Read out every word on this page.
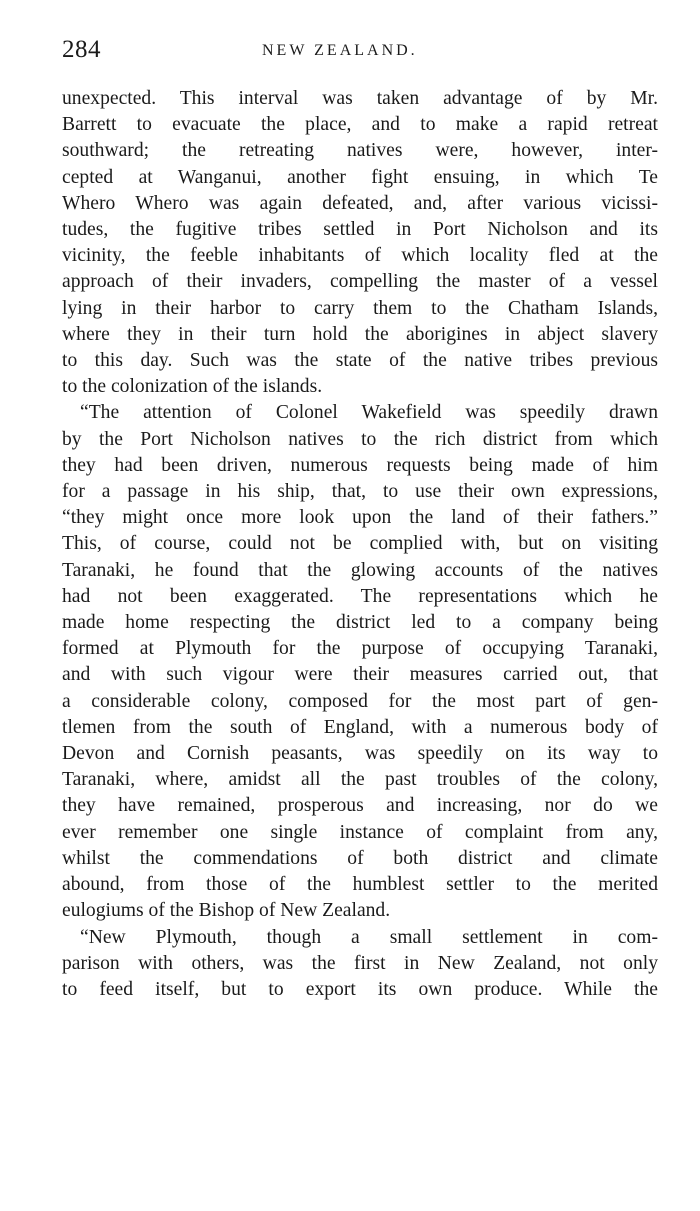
284	NEW ZEALAND.
unexpected. This interval was taken advantage of by Mr.
Barrett to evacuate the place, and to make a rapid retreat
southward; the retreating natives were, however, inter-
cepted at Wanganui, another fight ensuing, in which Te
Whero Whero was again defeated, and, after various vicissi-
tudes, the fugitive tribes settled in Port Nicholson and its
vicinity, the feeble inhabitants of which locality fled at the
approach of their invaders, compelling the master of a vessel
lying in their harbor to carry them to the Chatham Islands,
where they in their turn hold the aborigines in abject slavery
to this day. Such was the state of the native tribes previous
to the colonization of the islands.
“The attention of Colonel Wakefield was speedily drawn
by the Port Nicholson natives to the rich district from which
they had been driven, numerous requests being made of him
for a passage in his ship, that, to use their own expressions,
“they might once more look upon the land of their fathers.”
This, of course, could not be complied with, but on visiting
Taranaki, he found that the glowing accounts of the natives
had not been exaggerated. The representations which he
made home respecting the district led to a company being
formed at Plymouth for the purpose of occupying Taranaki,
and with such vigour were their measures carried out, that
a considerable colony, composed for the most part of gen-
tlemen from the south of England, with a numerous body of
Devon and Cornish peasants, was speedily on its way to
Taranaki, where, amidst all the past troubles of the colony,
they have remained, prosperous and increasing, nor do we
ever remember one single instance of complaint from any,
whilst the commendations of both district and climate
abound, from those of the humblest settler to the merited
eulogiums of the Bishop of New Zealand.
“New Plymouth, though a small settlement in com-
parison with others, was the first in New Zealand, not only
to feed itself, but to export its own produce. While the
